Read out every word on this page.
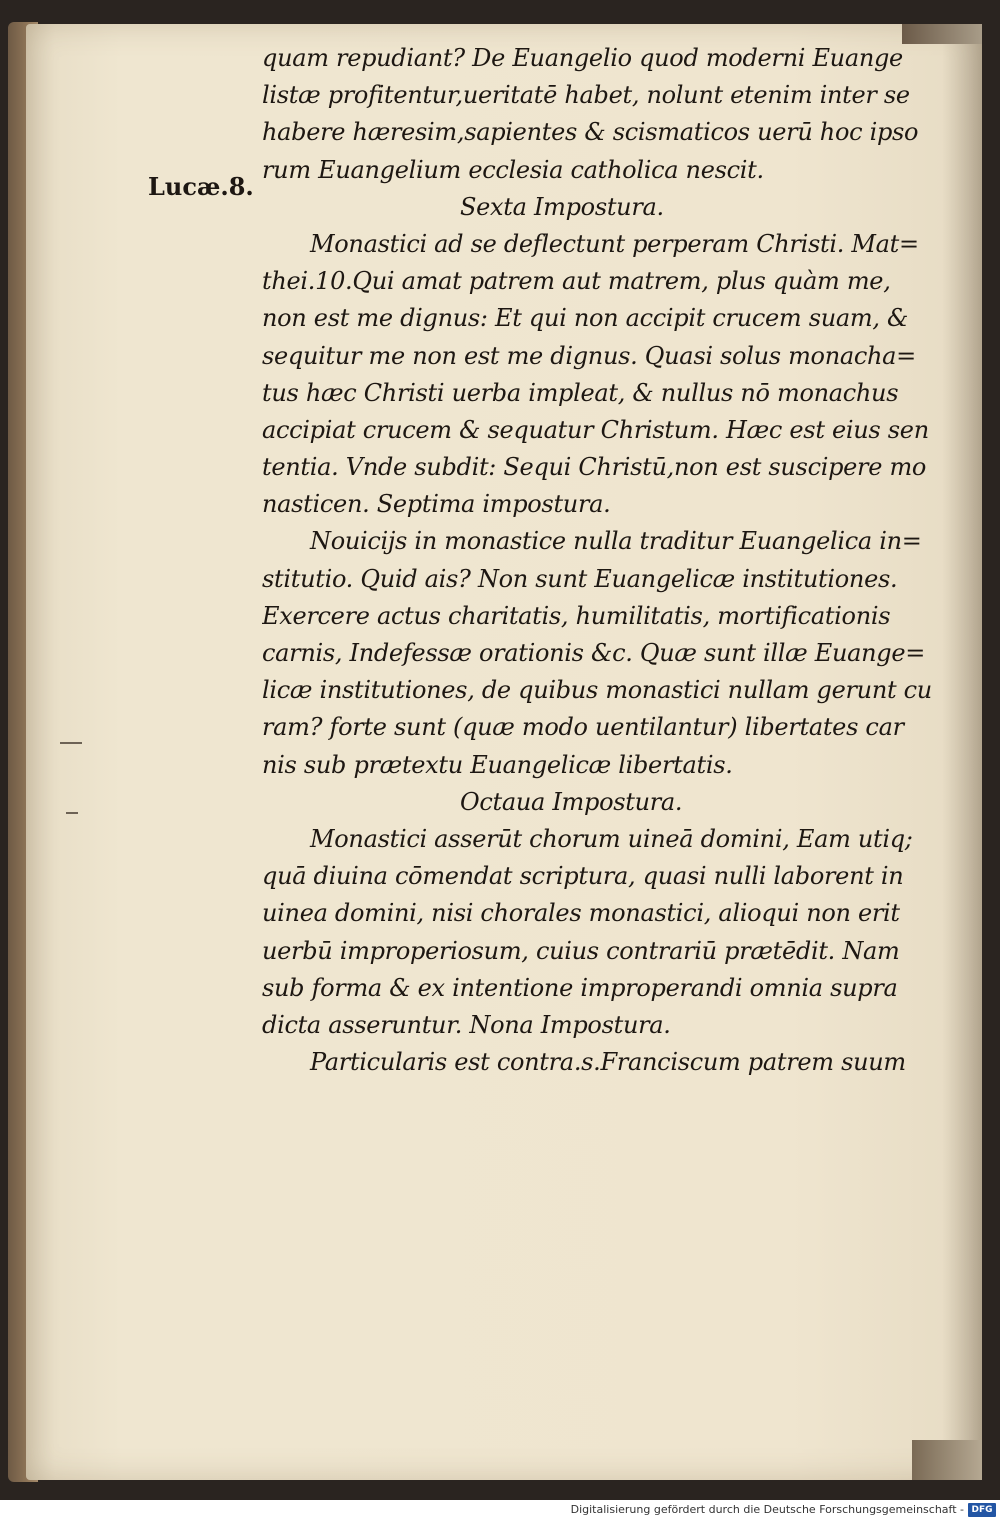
Lucæ.8.
quam repudiant? De Euangelio quod moderni Euange
listæ profitentur,ueritatē habet, nolunt etenim inter se
habere hæresim,sapientes & scismaticos uerū hoc ipso
rum Euangelium ecclesia catholica nescit.
Sexta Impostura.
Monastici ad se deflectunt perperam Christi. Mat=
thei.10.Qui amat patrem aut matrem, plus quàm me,
non est me dignus: Et qui non accipit crucem suam, &
sequitur me non est me dignus. Quasi solus monacha=
tus hæc Christi uerba impleat, & nullus nō monachus
accipiat crucem & sequatur Christum. Hæc est eius sen
tentia. Vnde subdit: Sequi Christū,non est suscipere mo
nasticen. Septima impostura.
Nouicijs in monastice nulla traditur Euangelica in=
stitutio. Quid ais? Non sunt Euangelicæ institutiones.
Exercere actus charitatis, humilitatis, mortificationis
carnis, Indefessæ orationis &c. Quæ sunt illæ Euange=
licæ institutiones, de quibus monastici nullam gerunt cu
ram? forte sunt (quæ modo uentilantur) libertates car
nis sub prætextu Euangelicæ libertatis.
Octaua Impostura.
Monastici asserūt chorum uineā domini, Eam utiq;
quā diuina cōmendat scriptura, quasi nulli laborent in
uinea domini, nisi chorales monastici, alioqui non erit
uerbū improperiosum, cuius contrariū prætēdit. Nam
sub forma & ex intentione improperandi omnia supra
dicta asseruntur. Nona Impostura.
Particularis est contra.s.Franciscum patrem suum
Digitalisierung gefördert durch die Deutsche Forschungsgemeinschaft - DFG
